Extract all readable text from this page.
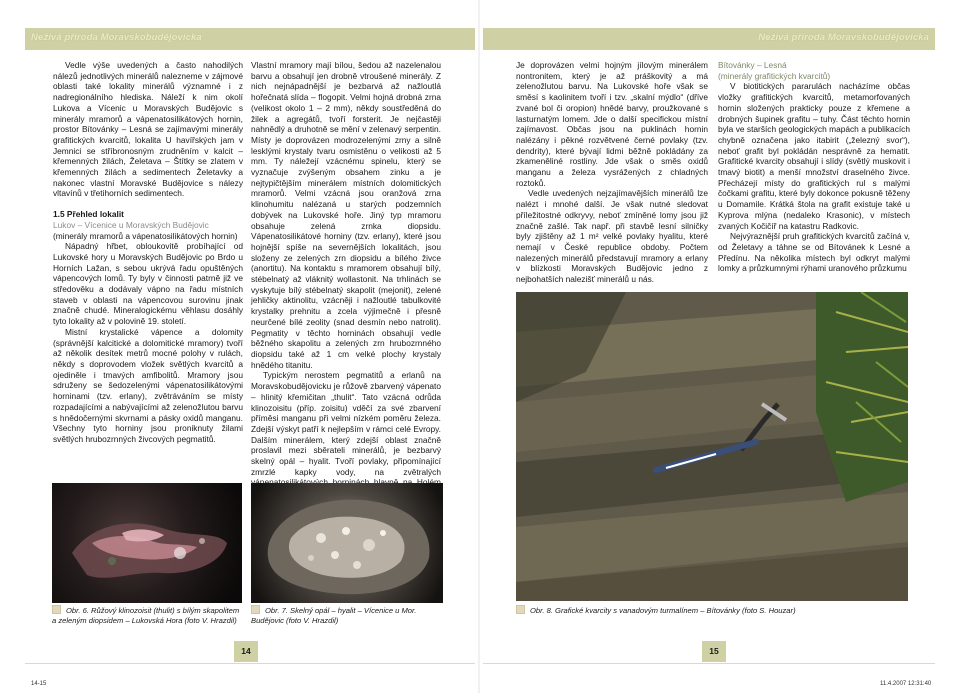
Neživá příroda Moravskobudějovicka	Neživá příroda Moravskobudějovicka

Vedle výše uvedených a často nahodilých nálezů jednotlivých minerálů nalezneme v zájmové oblasti také lokality minerálů významné i z nadregionálního hlediska. Náleží k nim okolí Lukova a Vícenic u Moravských Budějovic s minerály mramorů a vápenatosilikátových hornin, prostor Bítovánky – Lesná se zajímavými minerály grafitických kvarcitů, lokalita U havířských jam v Jemnici se stříbronosným zrudněním v kalcit – křemenných žilách, Želetava – Štítky se zlatem v křemenných žilách a sedimentech Želetavky a nakonec vlastní Moravské Budějovice s nálezy vltavínů v třetihorních sedimentech.

1.5 Přehled lokalit

Lukov – Vícenice u Moravských Budějovic

(minerály mramorů a vápenatosilikátových hornin)

Nápadný hřbet, obloukovitě probíhající od Lukovské hory u Moravských Budějovic po Brdo u Horních Lažan, s sebou ukrývá řadu opuštěných vápencových lomů. Ty byly v činnosti patrně již ve středověku a dodávaly vápno na řadu místních staveb v oblasti na vápencovou surovinu jinak značně chudé. Mineralogickému věhlasu dosáhly tyto lokality až v polovině 19. století.

Mistní krystalické vápence a dolomity (správnější kalcitické a dolomitické mramory) tvoří až několik desítek metrů mocné polohy v rulách, někdy s doprovodem vložek světlých kvarcitů a ojediněle i tmavých amfibolitů. Mramory jsou sdruženy se šedozelenými vápenatosilikátovými horninami (tzv. erlany), zvětráváním se místy rozpadajícími a nabývajícími až zelenožlutou barvu s hnědočernými skvrnami a pásky oxidů manganu. Všechny tyto horniny jsou proniknuty žilami světlých hrubozrnných živcových pegmatitů.

Vlastní mramory mají bílou, šedou až nazelenalou barvu a obsahují jen drobně vtroušené minerály. Z nich nejnápadnější je bezbarvá až nažloutlá hořečnatá slída – flogopit. Velmi hojná drobná zrna (velikost okolo 1 – 2 mm), někdy soustředěná do žilek a agregátů, tvoří forsterit. Je nejčastěji nahnědlý a druhotně se mění v zelenavý serpentin. Místy je doprovázen modrozelenými zrny a silně lesklými krystaly tvaru osmistěnu o velikosti až 5 mm. Ty náležejí vzácnému spinelu, který se vyznačuje zvýšeným obsahem zinku a je nejtypičtějším minerálem místních dolomitických mramorů. Velmi vzácná jsou oranžová zrna klinohumitu nalézaná u starých podzemních dobývek na Lukovské hoře. Jiný typ mramoru obsahuje zelená zrnka diopsidu. Vápenatosilikátové horniny (tzv. erlany), které jsou hojnější spíše na severnějších lokalitách, jsou složeny ze zelených zrn diopsidu a bílého živce (anortitu). Na kontaktu s mramorem obsahují bílý, stébelnatý až vláknitý wollastonit. Na trhlinách se vyskytuje bílý stébelnatý skapolit (mejonit), zelené jehličky aktinolitu, vzácněji i nažloutlé tabulkovité krystalky prehnitu a zcela výjimečně i přesně neurčené bílé zeolity (snad desmín nebo natrolit). Pegmatity v těchto horninách obsahují vedle běžného skapolitu a zelených zrn hrubozrnného diopsidu také až 1 cm velké plochy krystaly hnědého titanitu.

Typickým nerostem pegmatitů a erlanů na Moravskobudějovicku je růžově zbarvený vápenato – hlinitý křemičitan „thulit“. Tato vzácná odrůda klinozoisitu (příp. zoisitu) vděčí za své zbarvení příměsi manganu při velmi nízkém poměru železa. Zdejší výskyt patří k nejlepším v rámci celé Evropy. Dalším minerálem, který zdejší oblast značně proslavil mezi sběrateli minerálů, je bezbarvý skelný opál – hyalit. Tvoří povlaky, připomínající zmrzlé kapky vody, na zvětralých

Je doprovázen velmi hojným jílovým minerálem nontronitem, který je až práškovitý a má zelenožlutou barvu. Na Lukovské hoře však se směsí s kaolinitem tvoří i tzv. „skalní mýdlo“ (dříve zvané bol či oropion) hnědé barvy, proužkované s lasturnatým lomem. Jde o další specifickou místní zajímavost. Občas jsou na puklinách hornin nalézány i pěkné rozvětvené černé povlaky (tzv. dendrity), které bývají lidmi běžně pokládány za zkameněliné rostliny. Jde však o směs oxidů manganu a železa vysrážených z chladných roztoků.

Vedle uvedených nejzajímavějších minerálů lze nalézt i mnohé další. Je však nutné sledovat příležitostné odkryvy, neboť zmíněné lomy jsou již značně zašlé. Tak např. při stavbě lesní silničky byly zjištěny až 1 m² velké povlaky hyalitu, které nemají v České republice obdoby. Počtem nalezených minerálů představují mramory a erlany v blízkosti Moravských Budějovic jedno z nejbohatších nalezišť minerálů u nás.

Bítovánky – Lesná

(minerály grafitických kvarcitů)

V biotitických pararulách nacházíme občas vložky grafitických kvarcitů, metamorfovaných hornin složených prakticky pouze z křemene a drobných šupinek grafitu – tuhy. Část těchto hornin byla ve starších geologických mapách a publikacích chybně označena jako itabirit („železný svor“), neboť grafit byl pokládán nesprávně za hematit. Grafitické kvarcity obsahují i slídy (světlý muskovit i tmavý biotit) a menší množství draselného živce. Přecházejí místy do grafitických rul s malými čočkami grafitu, které byly dokonce pokusně těženy u Domamile. Krátká štola na grafit existuje také u Kyprova mlýna (nedaleko Krasonic), v místech zvaných Kočičíř na katastru Radkovic.

Nejvýraznější pruh grafitických kvarcitů začíná v, od Želetavy a táhne se od Bítovánek k Lesné a Předínu. Na několika místech byl odkryt malými lomky a průzkumnými rýhami uranového průzkumu

Obr. 6. Růžový klinozoisit (thulit) s bílým skapolitem a zeleným diopsidem – Lukovská Hora (foto V. Hrazdil)
Obr. 7. Skelný opál – hyalit – Vícenice u Mor. Budějovic (foto V. Hrazdil)
Obr. 8. Grafické kvarcity s vanadovým turmalínem – Bítovánky (foto S. Houzar)
14	15
14-15	11.4.2007 12:31:40
